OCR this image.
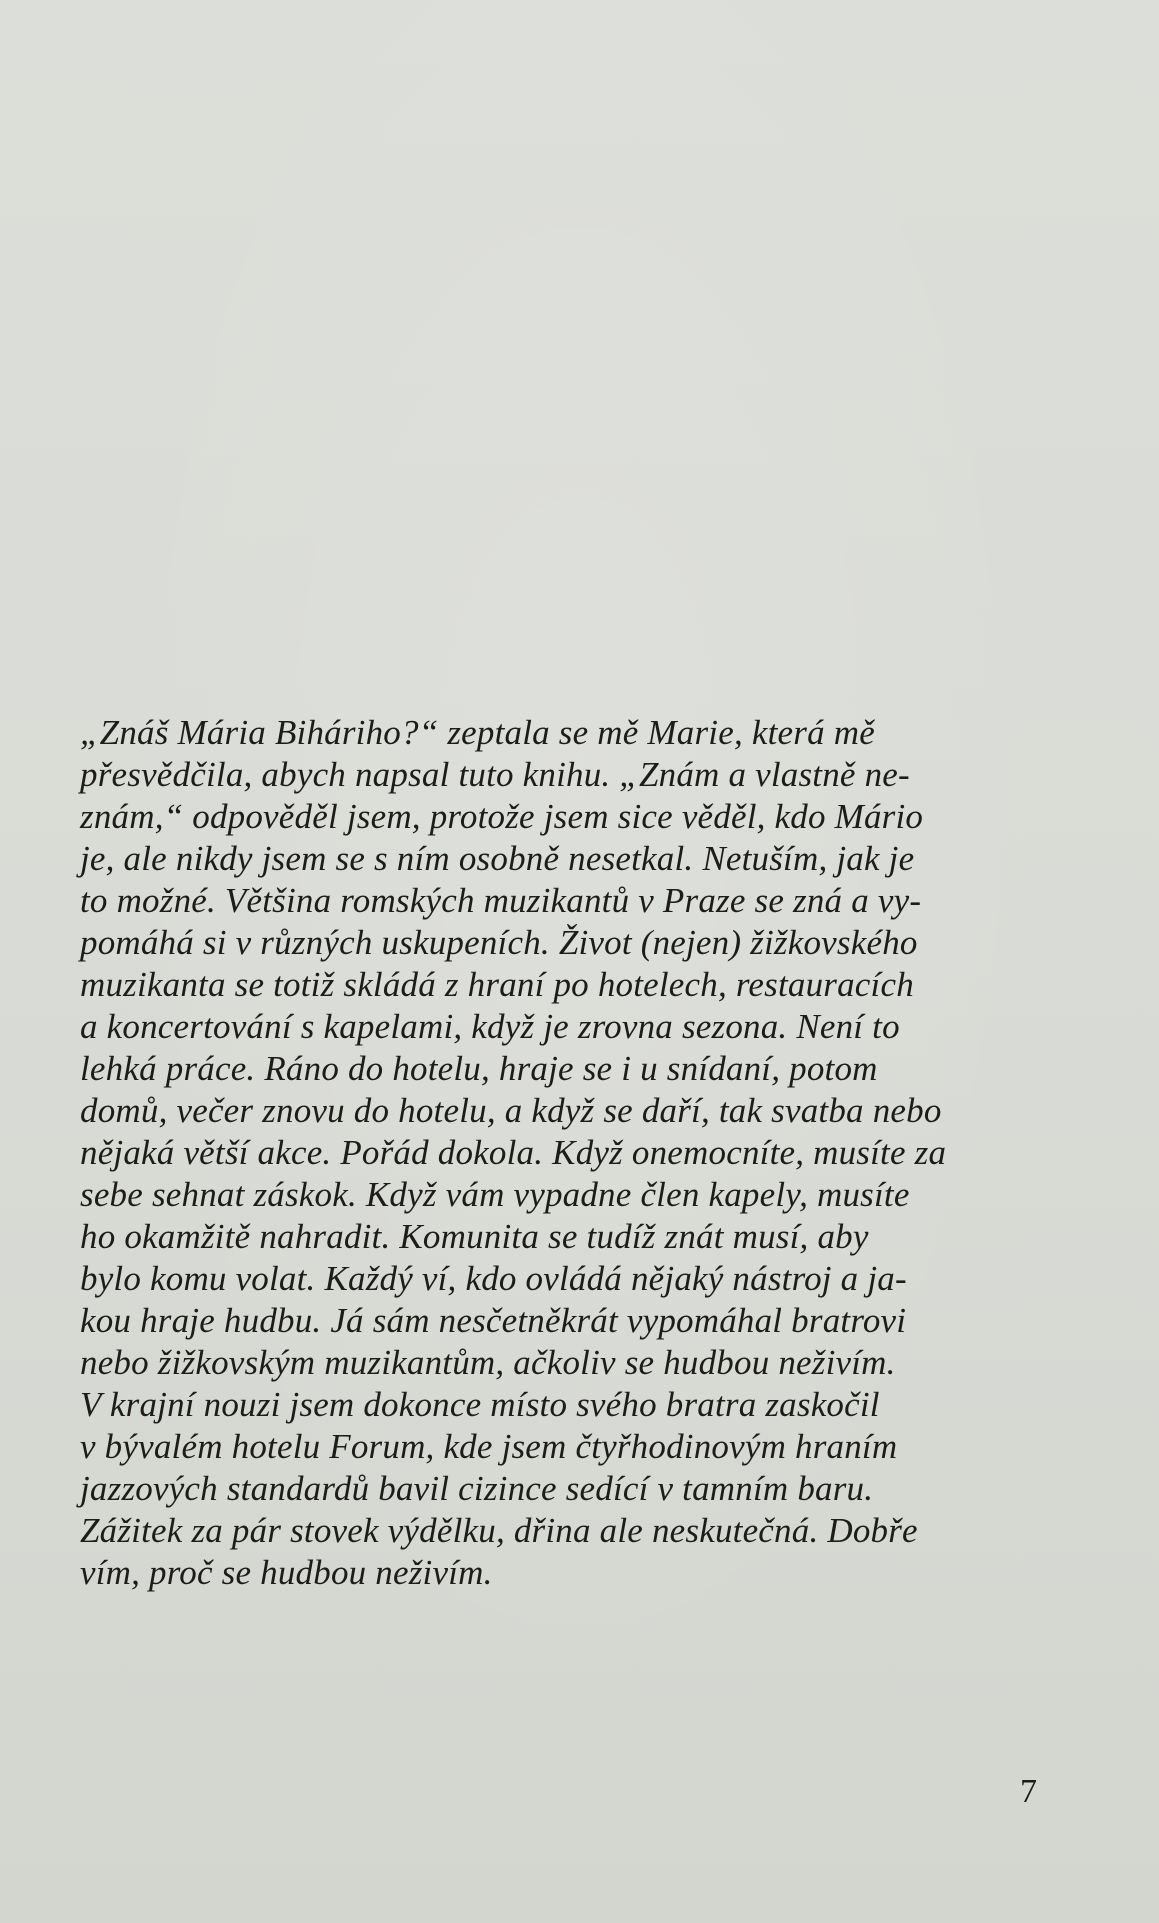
„Znáš Mária Biháriho?“ zeptala se mě Marie, která mě
přesvědčila, abych napsal tuto knihu. „Znám a vlastně ne-
znám,“ odpověděl jsem, protože jsem sice věděl, kdo Mário
je, ale nikdy jsem se s ním osobně nesetkal. Netuším, jak je
to možné. Většina romských muzikantů v Praze se zná a vy-
pomáhá si v různých uskupeních. Život (nejen) žižkovského
muzikanta se totiž skládá z hraní po hotelech, restauracích
a koncertování s kapelami, když je zrovna sezona. Není to
lehká práce. Ráno do hotelu, hraje se i u snídaní, potom
domů, večer znovu do hotelu, a když se daří, tak svatba nebo
nějaká větší akce. Pořád dokola. Když onemocníte, musíte za
sebe sehnat záskok. Když vám vypadne člen kapely, musíte
ho okamžitě nahradit. Komunita se tudíž znát musí, aby
bylo komu volat. Každý ví, kdo ovládá nějaký nástroj a ja-
kou hraje hudbu. Já sám nesčetněkrát vypomáhal bratrovi
nebo žižkovským muzikantům, ačkoliv se hudbou neživím.
V krajní nouzi jsem dokonce místo svého bratra zaskočil
v bývalém hotelu Forum, kde jsem čtyřhodinovým hraním
jazzových standardů bavil cizince sedící v tamním baru.
Zážitek za pár stovek výdělku, dřina ale neskutečná. Dobře
vím, proč se hudbou neživím.
7
